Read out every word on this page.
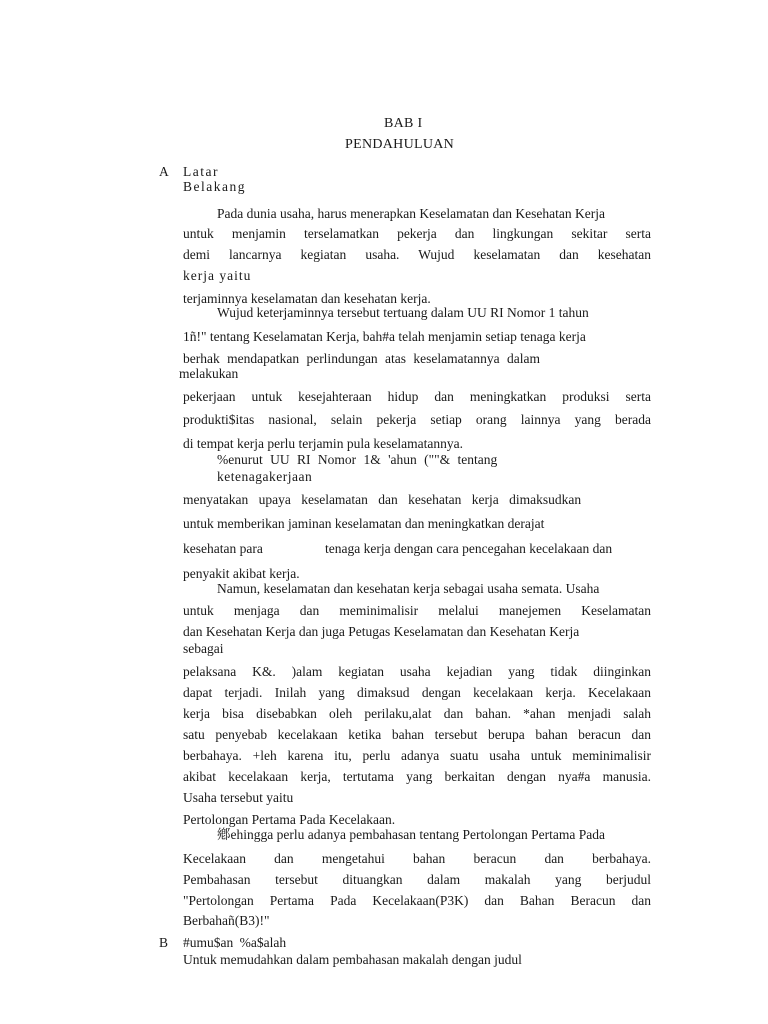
BAB I
PENDAHULUAN
A Latar
Belakang
Pada dunia usaha, harus menerapkan Keselamatan dan Kesehatan Kerja
untuk menjamin terselamatkan pekerja dan lingkungan sekitar serta
demi lancarnya kegiatan usaha. Wujud keselamatan dan kesehatan
kerja yaitu
terjaminnya keselamatan dan kesehatan kerja.
Wujud keterjaminnya tersebut tertuang dalam UU RI Nomor 1 tahun
1ñ!" tentang Keselamatan Kerja, bah#a telah menjamin setiap tenaga kerja
berhak mendapatkan perlindungan atas keselamatannya dalam
melakukan
pekerjaan untuk kesejahteraan hidup dan meningkatkan produksi serta
produkti$itas nasional, selain pekerja setiap orang lainnya yang berada
di tempat kerja perlu terjamin pula keselamatannya.
%enurut UU RI Nomor 1& 'ahun (""& tentang
ketenagakerjaan
menyatakan upaya keselamatan dan kesehatan kerja dimaksudkan
untuk memberikan jaminan keselamatan dan meningkatkan derajat
kesehatan para	tenaga kerja dengan cara pencegahan kecelakaan dan
penyakit akibat kerja.
Namun, keselamatan dan kesehatan kerja sebagai usaha semata. Usaha
untuk menjaga dan meminimalisir melalui manejemen Keselamatan
dan Kesehatan Kerja dan juga Petugas Keselamatan dan Kesehatan Kerja
sebagai
pelaksana K&. )alam kegiatan usaha kejadian yang tidak diinginkan
dapat terjadi. Inilah yang dimaksud dengan kecelakaan kerja. Kecelakaan
kerja bisa disebabkan oleh perilaku,alat dan bahan. *ahan menjadi salah
satu penyebab kecelakaan ketika bahan tersebut berupa bahan beracun dan
berbahaya. +leh karena itu, perlu adanya suatu usaha untuk meminimalisir
akibat kecelakaan kerja, tertutama yang berkaitan dengan nya#a manusia.
Usaha tersebut yaitu
Pertolongan Pertama Pada Kecelakaan.
鄕ehingga perlu adanya pembahasan tentang Pertolongan Pertama Pada
Kecelakaan dan mengetahui bahan beracun dan berbahaya.
Pembahasan tersebut dituangkan dalam makalah yang berjudul
"Pertolongan Pertama Pada Kecelakaan(P3K) dan Bahan Beracun dan
Berbahañ(B3)!"
B #umu$an %a$alah
Untuk memudahkan dalam pembahasan makalah dengan judul
